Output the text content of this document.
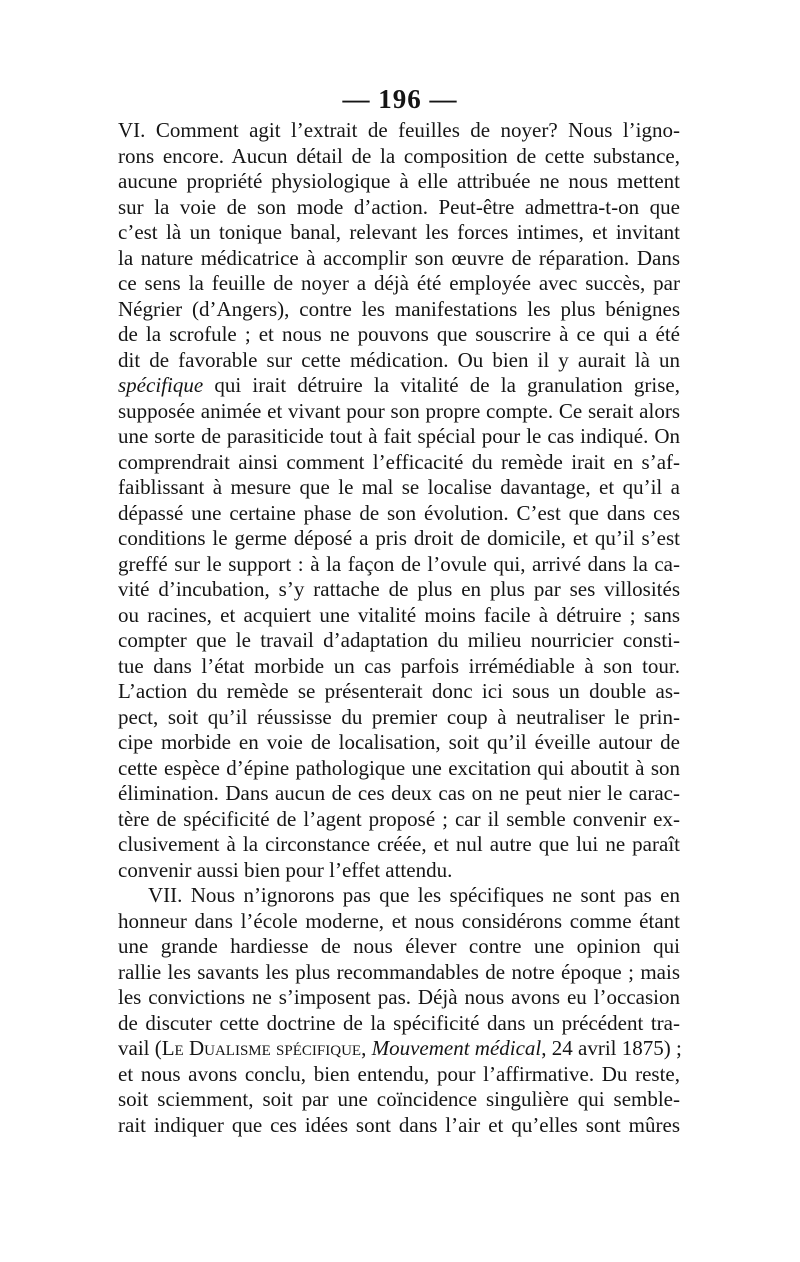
— 196 —
VI. Comment agit l’extrait de feuilles de noyer? Nous l’igno-
rons encore. Aucun détail de la composition de cette substance,
aucune propriété physiologique à elle attribuée ne nous mettent
sur la voie de son mode d’action. Peut-être admettra-t-on que
c’est là un tonique banal, relevant les forces intimes, et invitant
la nature médicatrice à accomplir son œuvre de réparation. Dans
ce sens la feuille de noyer a déjà été employée avec succès, par
Négrier (d’Angers), contre les manifestations les plus bénignes
de la scrofule ; et nous ne pouvons que souscrire à ce qui a été
dit de favorable sur cette médication. Ou bien il y aurait là un
spécifique qui irait détruire la vitalité de la granulation grise,
supposée animée et vivant pour son propre compte. Ce serait alors
une sorte de parasiticide tout à fait spécial pour le cas indiqué. On
comprendrait ainsi comment l’efficacité du remède irait en s’af-
faiblissant à mesure que le mal se localise davantage, et qu’il a
dépassé une certaine phase de son évolution. C’est que dans ces
conditions le germe déposé a pris droit de domicile, et qu’il s’est
greffé sur le support : à la façon de l’ovule qui, arrivé dans la ca-
vité d’incubation, s’y rattache de plus en plus par ses villosités
ou racines, et acquiert une vitalité moins facile à détruire ; sans
compter que le travail d’adaptation du milieu nourricier consti-
tue dans l’état morbide un cas parfois irrémédiable à son tour.
L’action du remède se présenterait donc ici sous un double as-
pect, soit qu’il réussisse du premier coup à neutraliser le prin-
cipe morbide en voie de localisation, soit qu’il éveille autour de
cette espèce d’épine pathologique une excitation qui aboutit à son
élimination. Dans aucun de ces deux cas on ne peut nier le carac-
tère de spécificité de l’agent proposé ; car il semble convenir ex-
clusivement à la circonstance créée, et nul autre que lui ne paraît
convenir aussi bien pour l’effet attendu.
VII. Nous n’ignorons pas que les spécifiques ne sont pas en
honneur dans l’école moderne, et nous considérons comme étant
une grande hardiesse de nous élever contre une opinion qui
rallie les savants les plus recommandables de notre époque ; mais
les convictions ne s’imposent pas. Déjà nous avons eu l’occasion
de discuter cette doctrine de la spécificité dans un précédent tra-
vail (Le Dualisme spécifique, Mouvement médical, 24 avril 1875) ;
et nous avons conclu, bien entendu, pour l’affirmative. Du reste,
soit sciemment, soit par une coïncidence singulière qui semble-
rait indiquer que ces idées sont dans l’air et qu’elles sont mûres
